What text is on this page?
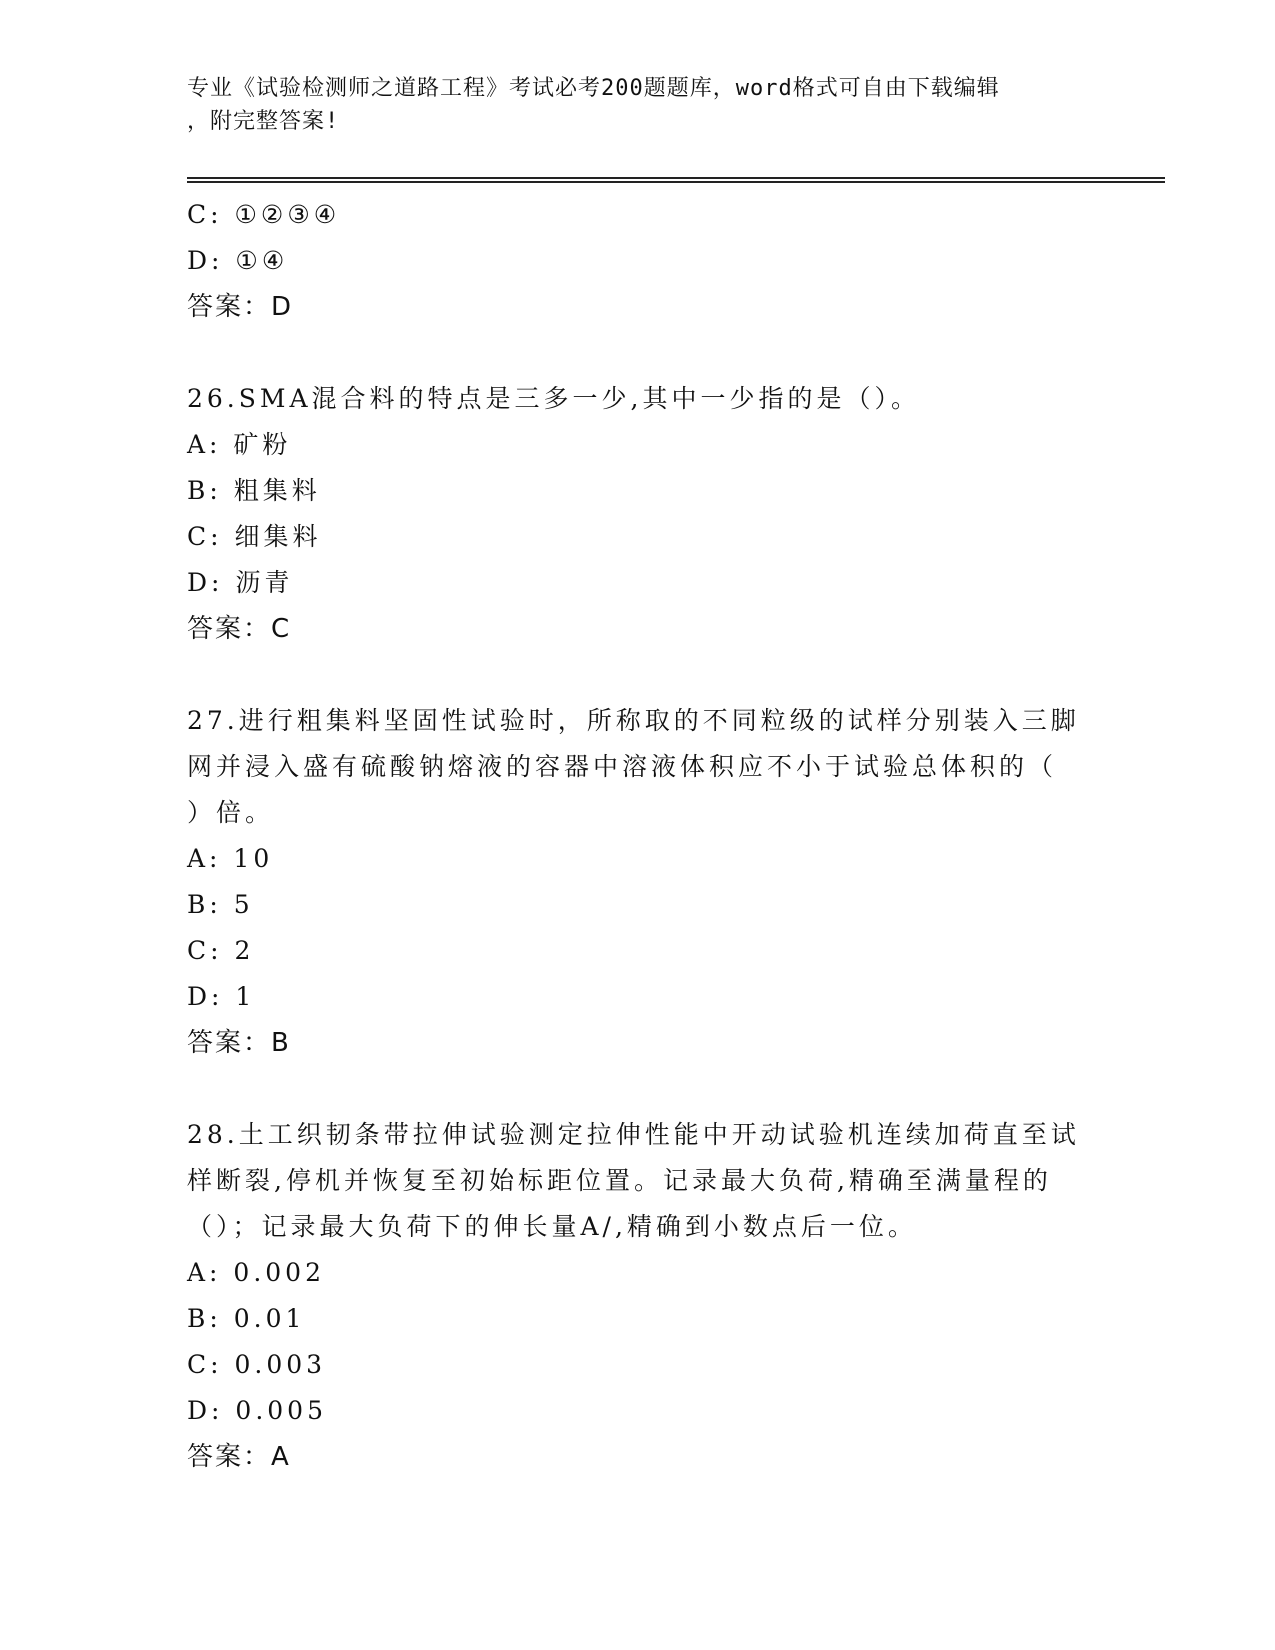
专业《试验检测师之道路工程》考试必考200题题库，word格式可自由下载编辑
，附完整答案!
C: ①②③④
D: ①④
答案：D
26.SMA混合料的特点是三多一少,其中一少指的是（）。
A: 矿粉
B: 粗集料
C: 细集料
D: 沥青
答案：C
27.进行粗集料坚固性试验时，所称取的不同粒级的试样分别装入三脚
网并浸入盛有硫酸钠熔液的容器中溶液体积应不小于试验总体积的（
）倍。
A: 10
B: 5
C: 2
D: 1
答案：B
28.土工织韧条带拉伸试验测定拉伸性能中开动试验机连续加荷直至试
样断裂,停机并恢复至初始标距位置。记录最大负荷,精确至满量程的
（）；记录最大负荷下的伸长量A/,精确到小数点后一位。
A: 0.002
B: 0.01
C: 0.003
D: 0.005
答案：A
